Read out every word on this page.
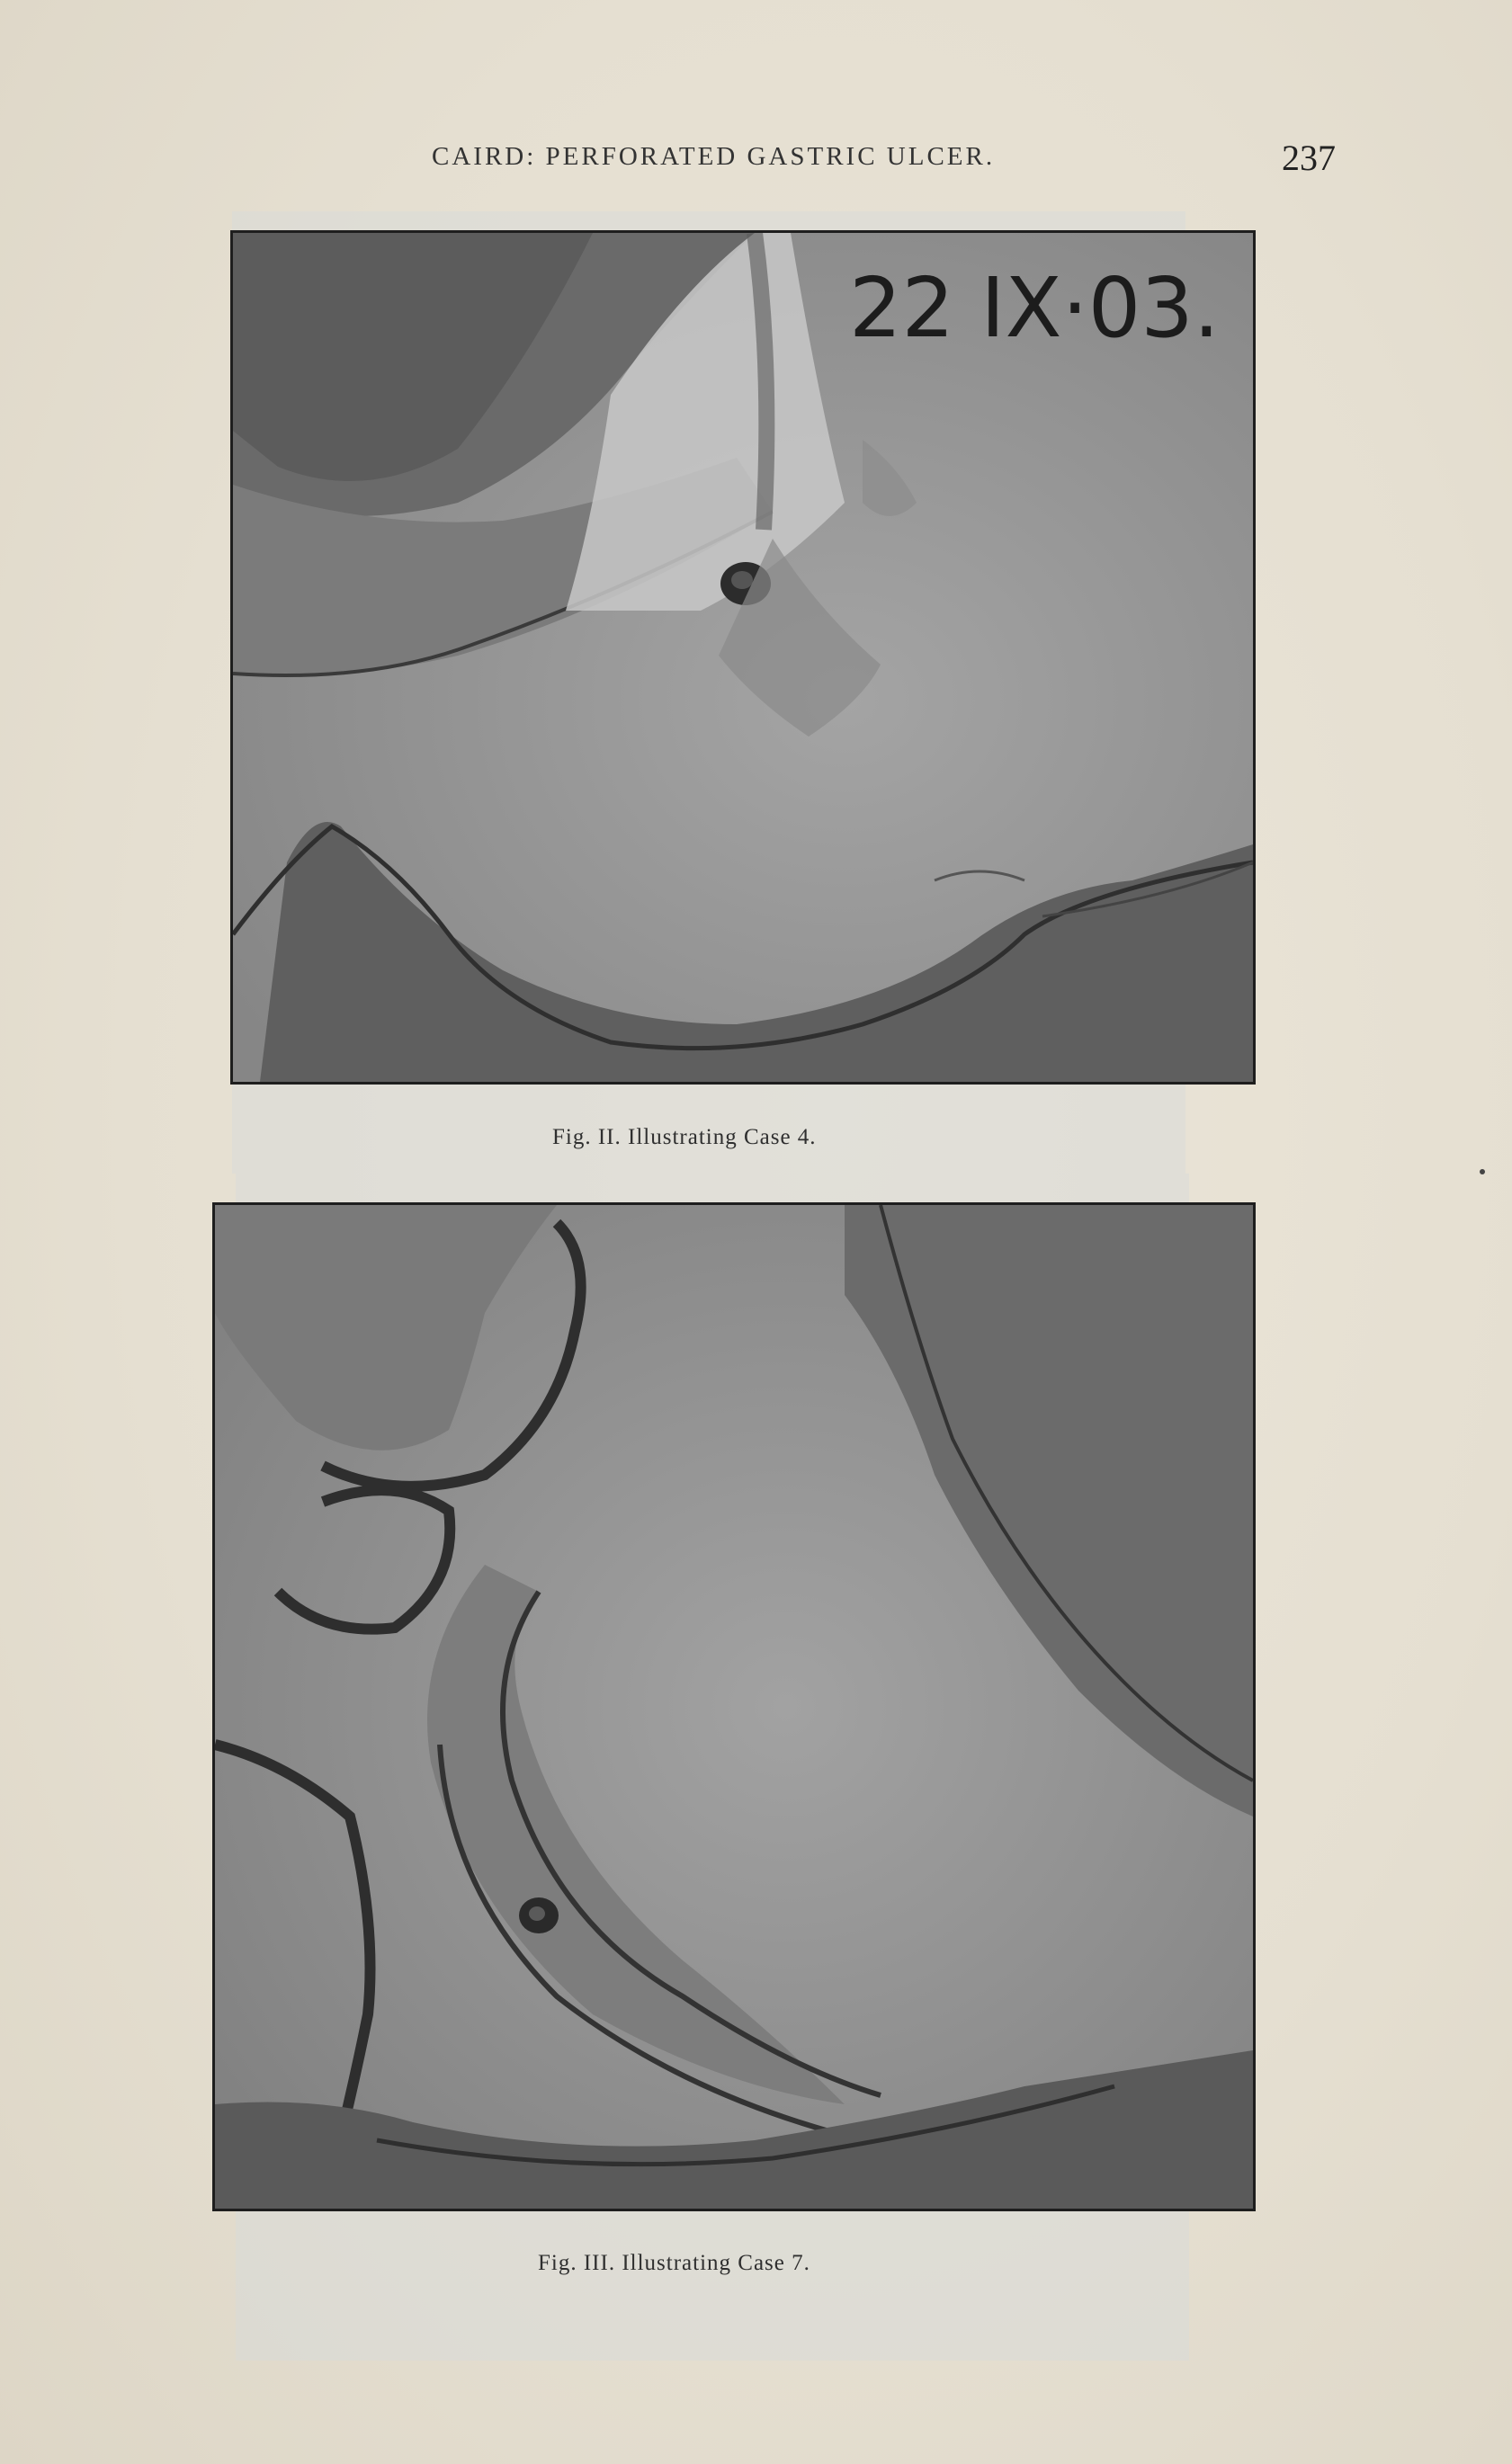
CAIRD: PERFORATED GASTRIC ULCER.	237
22 IX·03.
Fig. II. Illustrating Case 4.
Fig. III. Illustrating Case 7.
